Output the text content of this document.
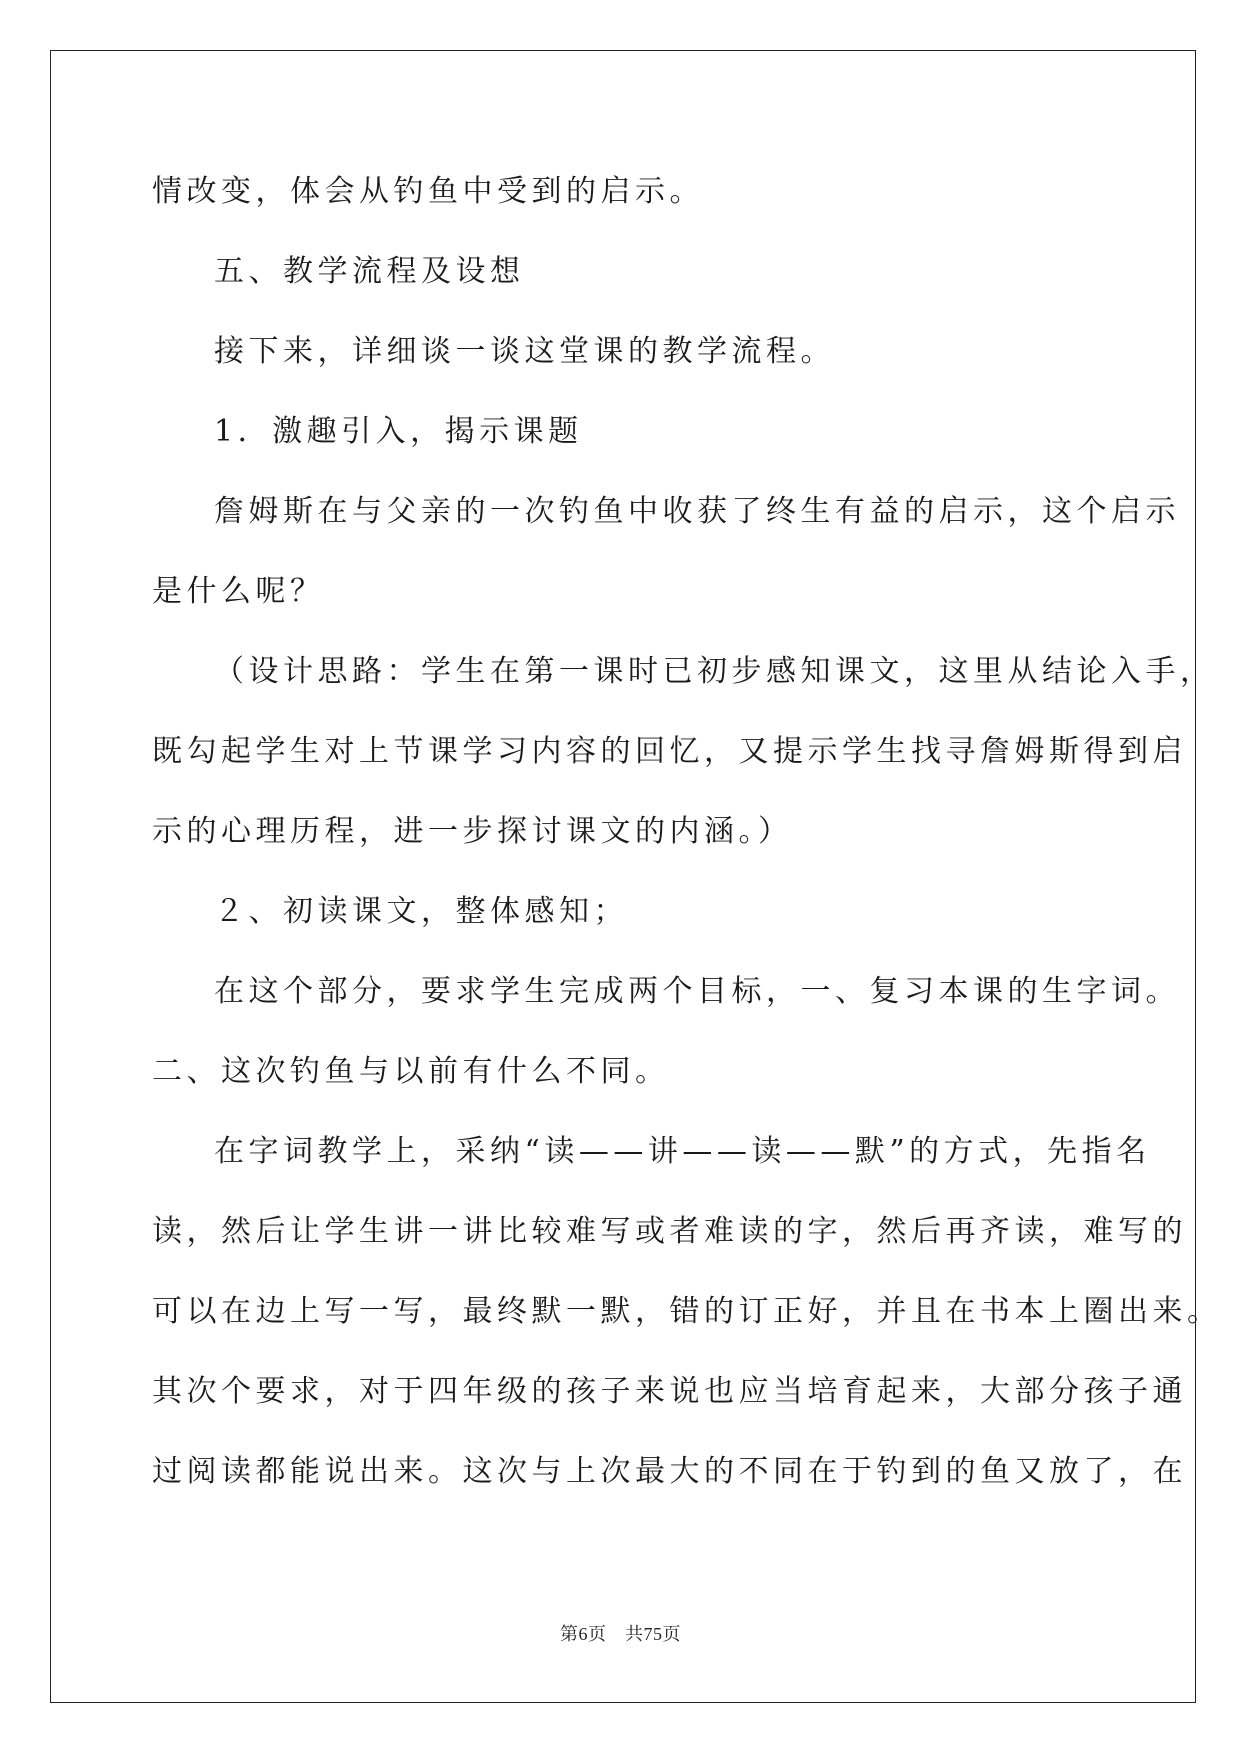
情改变，体会从钓鱼中受到的启示。
五、教学流程及设想
接下来，详细谈一谈这堂课的教学流程。
1．激趣引入，揭示课题
詹姆斯在与父亲的一次钓鱼中收获了终生有益的启示，这个启示
是什么呢？
（设计思路：学生在第一课时已初步感知课文，这里从结论入手，
既勾起学生对上节课学习内容的回忆，又提示学生找寻詹姆斯得到启
示的心理历程，进一步探讨课文的内涵。）
２、初读课文，整体感知；
在这个部分，要求学生完成两个目标，一、复习本课的生字词。
二、这次钓鱼与以前有什么不同。
在字词教学上，采纳“读——讲——读——默”的方式，先指名
读，然后让学生讲一讲比较难写或者难读的字，然后再齐读，难写的
可以在边上写一写，最终默一默，错的订正好，并且在书本上圈出来。
其次个要求，对于四年级的孩子来说也应当培育起来，大部分孩子通
过阅读都能说出来。这次与上次最大的不同在于钓到的鱼又放了，在
第6页　共75页
